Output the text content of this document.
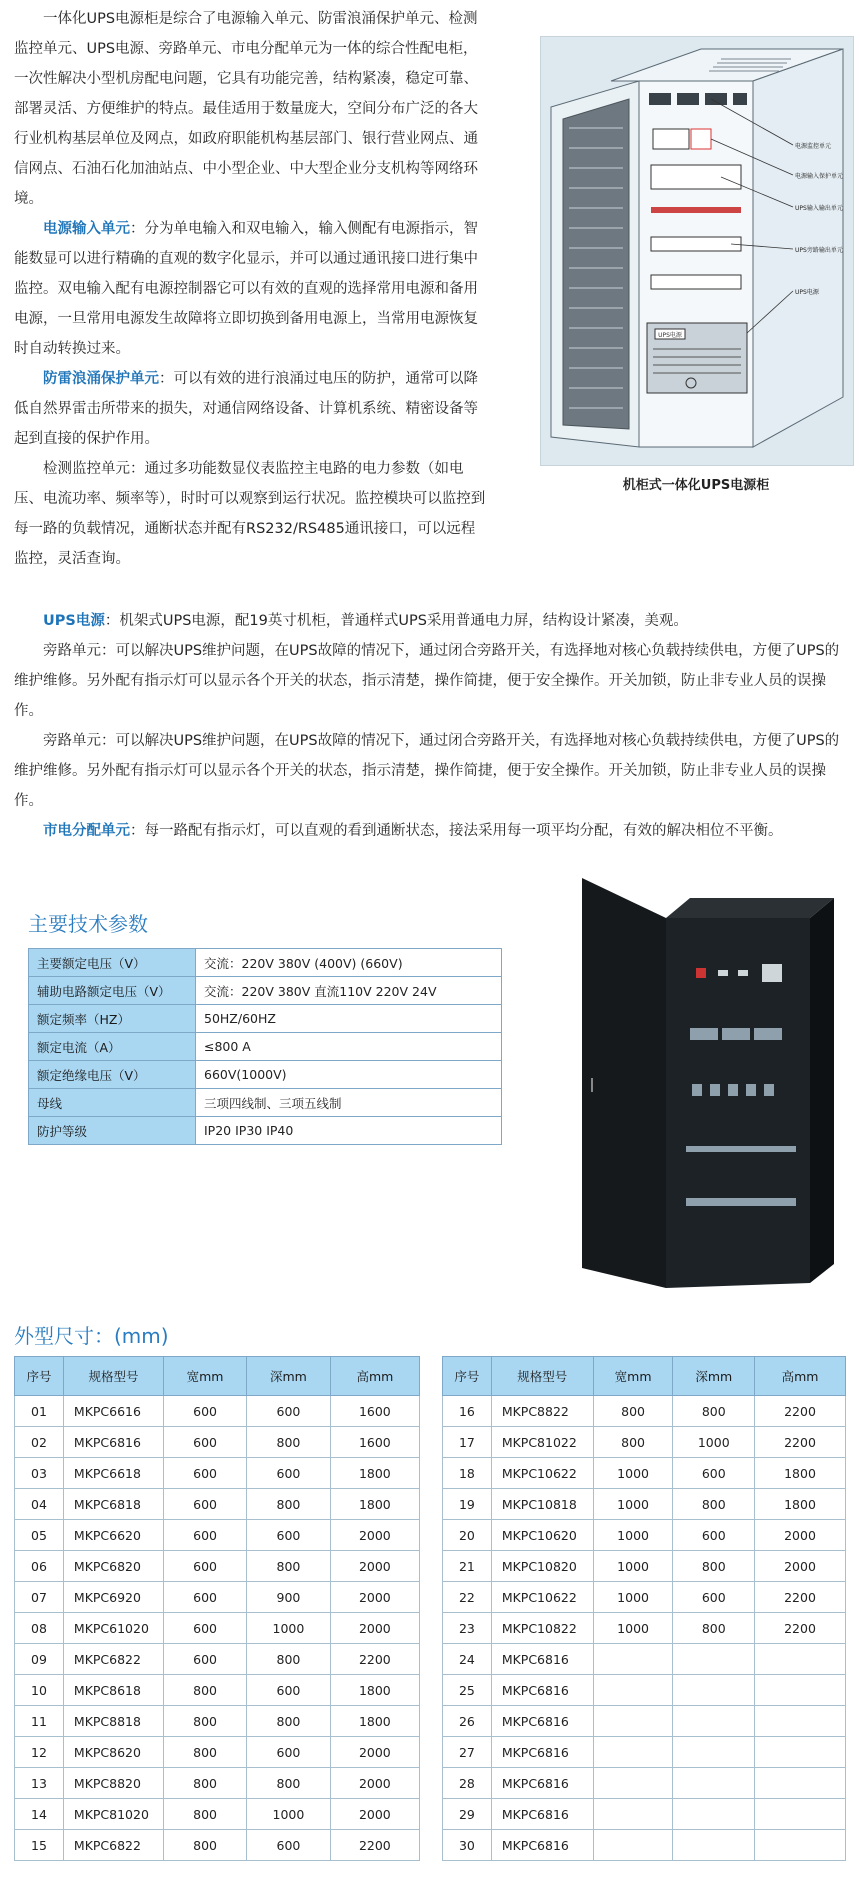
一体化UPS电源柜是综合了电源输入单元、防雷浪涌保护单元、检测监控单元、UPS电源、旁路单元、市电分配单元为一体的综合性配电柜，一次性解决小型机房配电问题，它具有功能完善，结构紧凑，稳定可靠、部署灵活、方便维护的特点。最佳适用于数量庞大，空间分布广泛的各大行业机构基层单位及网点，如政府职能机构基层部门、银行营业网点、通信网点、石油石化加油站点、中小型企业、中大型企业分支机构等网络环境。

电源输入单元：分为单电输入和双电输入，输入侧配有电源指示，智能数显可以进行精确的直观的数字化显示，并可以通过通讯接口进行集中监控。双电输入配有电源控制器它可以有效的直观的选择常用电源和备用电源，一旦常用电源发生故障将立即切换到备用电源上，当常用电源恢复时自动转换过来。

防雷浪涌保护单元：可以有效的进行浪涌过电压的防护，通常可以降低自然界雷击所带来的损失，对通信网络设备、计算机系统、精密设备等起到直接的保护作用。

检测监控单元：通过多功能数显仪表监控主电路的电力参数（如电压、电流功率、频率等），时时可以观察到运行状况。监控模块可以监控到每一路的负载情况，通断状态并配有RS232/RS485通讯接口，可以远程监控，灵活查询。

UPS电源
电源监控单元
电源输入保护单元
UPS输入输出单元
UPS旁路输出单元
UPS电源
机柜式一体化UPS电源柜

UPS电源：机架式UPS电源，配19英寸机柜，普通样式UPS采用普通电力屏，结构设计紧凑，美观。

旁路单元：可以解决UPS维护问题，在UPS故障的情况下，通过闭合旁路开关，有选择地对核心负载持续供电，方便了UPS的维护维修。另外配有指示灯可以显示各个开关的状态，指示清楚，操作简捷，便于安全操作。开关加锁，防止非专业人员的误操作。

旁路单元：可以解决UPS维护问题，在UPS故障的情况下，通过闭合旁路开关，有选择地对核心负载持续供电，方便了UPS的维护维修。另外配有指示灯可以显示各个开关的状态，指示清楚，操作简捷，便于安全操作。开关加锁，防止非专业人员的误操作。

市电分配单元：每一路配有指示灯，可以直观的看到通断状态，接法采用每一项平均分配，有效的解决相位不平衡。

主要技术参数
主要额定电压（V）	交流：220V 380V (400V) (660V)
辅助电路额定电压（V）	交流：220V 380V 直流110V 220V 24V
额定频率（HZ）	50HZ/60HZ
额定电流（A）	≤800 A
额定绝缘电压（V）	660V(1000V)
母线	三项四线制、三项五线制
防护等级	IP20 IP30 IP40
外型尺寸：(mm)
序号	规格型号	宽mm	深mm	高mm
01	MKPC6616	600	600	1600
02	MKPC6816	600	800	1600
03	MKPC6618	600	600	1800
04	MKPC6818	600	800	1800
05	MKPC6620	600	600	2000
06	MKPC6820	600	800	2000
07	MKPC6920	600	900	2000
08	MKPC61020	600	1000	2000
09	MKPC6822	600	800	2200
10	MKPC8618	800	600	1800
11	MKPC8818	800	800	1800
12	MKPC8620	800	600	2000
13	MKPC8820	800	800	2000
14	MKPC81020	800	1000	2000
15	MKPC6822	800	600	2200
序号	规格型号	宽mm	深mm	高mm
16	MKPC8822	800	800	2200
17	MKPC81022	800	1000	2200
18	MKPC10622	1000	600	1800
19	MKPC10818	1000	800	1800
20	MKPC10620	1000	600	2000
21	MKPC10820	1000	800	2000
22	MKPC10622	1000	600	2200
23	MKPC10822	1000	800	2200
24	MKPC6816			
25	MKPC6816			
26	MKPC6816			
27	MKPC6816			
28	MKPC6816			
29	MKPC6816			
30	MKPC6816			
